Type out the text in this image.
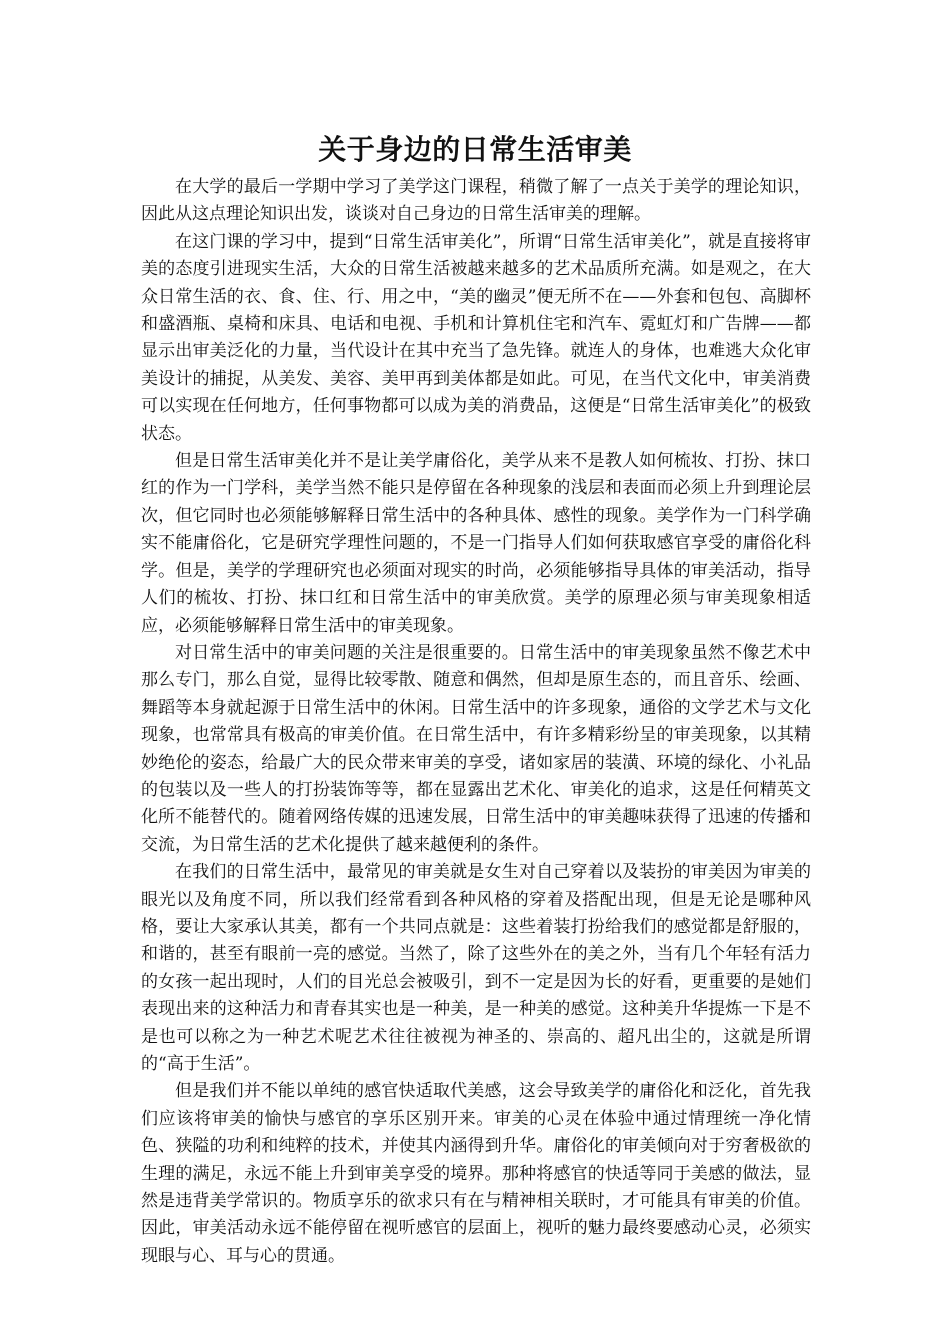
关于身边的日常生活审美

在大学的最后一学期中学习了美学这门课程，稍微了解了一点关于美学的理论知识，因此从这点理论知识出发，谈谈对自己身边的日常生活审美的理解。

在这门课的学习中，提到“日常生活审美化”，所谓“日常生活审美化”，就是直接将审美的态度引进现实生活，大众的日常生活被越来越多的艺术品质所充满。如是观之，在大众日常生活的衣、食、住、行、用之中，“美的幽灵”便无所不在——外套和包包、高脚杯和盛酒瓶、桌椅和床具、电话和电视、手机和计算机住宅和汽车、霓虹灯和广告牌——都显示出审美泛化的力量，当代设计在其中充当了急先锋。就连人的身体，也难逃大众化审美设计的捕捉，从美发、美容、美甲再到美体都是如此。可见，在当代文化中，审美消费可以实现在任何地方，任何事物都可以成为美的消费品，这便是“日常生活审美化”的极致状态。

但是日常生活审美化并不是让美学庸俗化，美学从来不是教人如何梳妆、打扮、抹口红的作为一门学科，美学当然不能只是停留在各种现象的浅层和表面而必须上升到理论层次，但它同时也必须能够解释日常生活中的各种具体、感性的现象。美学作为一门科学确实不能庸俗化，它是研究学理性问题的，不是一门指导人们如何获取感官享受的庸俗化科学。但是，美学的学理研究也必须面对现实的时尚，必须能够指导具体的审美活动，指导人们的梳妆、打扮、抹口红和日常生活中的审美欣赏。美学的原理必须与审美现象相适应，必须能够解释日常生活中的审美现象。

对日常生活中的审美问题的关注是很重要的。日常生活中的审美现象虽然不像艺术中那么专门，那么自觉，显得比较零散、随意和偶然，但却是原生态的，而且音乐、绘画、舞蹈等本身就起源于日常生活中的休闲。日常生活中的许多现象，通俗的文学艺术与文化现象，也常常具有极高的审美价值。在日常生活中，有许多精彩纷呈的审美现象，以其精妙绝伦的姿态，给最广大的民众带来审美的享受，诸如家居的装潢、环境的绿化、小礼品的包装以及一些人的打扮装饰等等，都在显露出艺术化、审美化的追求，这是任何精英文化所不能替代的。随着网络传媒的迅速发展，日常生活中的审美趣味获得了迅速的传播和交流，为日常生活的艺术化提供了越来越便利的条件。

在我们的日常生活中，最常见的审美就是女生对自己穿着以及装扮的审美因为审美的眼光以及角度不同，所以我们经常看到各种风格的穿着及搭配出现，但是无论是哪种风格，要让大家承认其美，都有一个共同点就是：这些着装打扮给我们的感觉都是舒服的，和谐的，甚至有眼前一亮的感觉。当然了，除了这些外在的美之外，当有几个年轻有活力的女孩一起出现时，人们的目光总会被吸引，到不一定是因为长的好看，更重要的是她们表现出来的这种活力和青春其实也是一种美，是一种美的感觉。这种美升华提炼一下是不是也可以称之为一种艺术呢艺术往往被视为神圣的、崇高的、超凡出尘的，这就是所谓的“高于生活”。

但是我们并不能以单纯的感官快适取代美感，这会导致美学的庸俗化和泛化，首先我们应该将审美的愉快与感官的享乐区别开来。审美的心灵在体验中通过情理统一净化情色、狭隘的功利和纯粹的技术，并使其内涵得到升华。庸俗化的审美倾向对于穷奢极欲的生理的满足，永远不能上升到审美享受的境界。那种将感官的快适等同于美感的做法，显然是违背美学常识的。物质享乐的欲求只有在与精神相关联时，才可能具有审美的价值。因此，审美活动永远不能停留在视听感官的层面上，视听的魅力最终要感动心灵，必须实现眼与心、耳与心的贯通。
